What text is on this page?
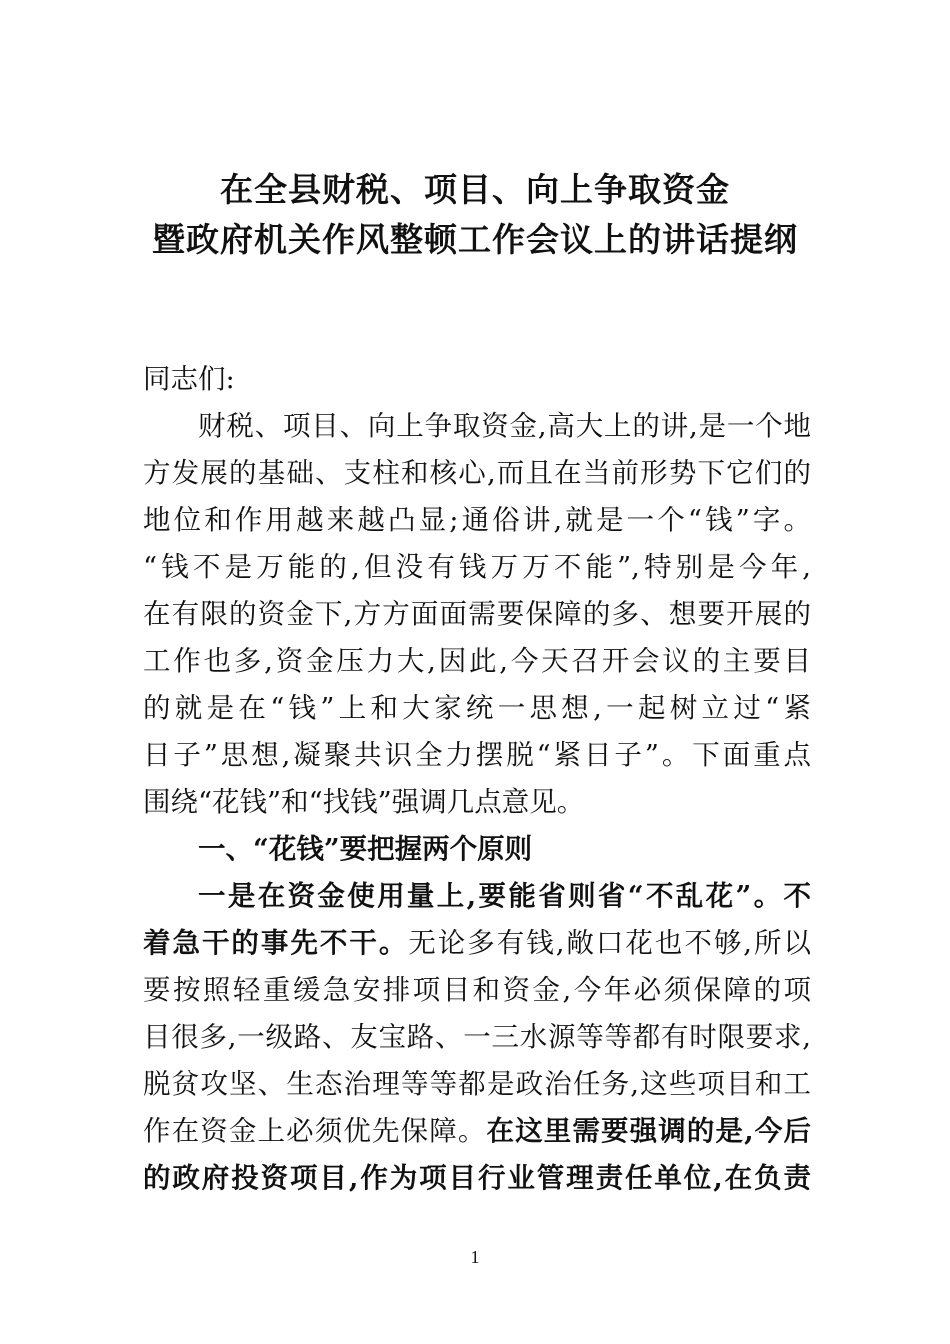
在全县财税、项目、向上争取资金
暨政府机关作风整顿工作会议上的讲话提纲
同志们:
财税、项目、向上争取资金,高大上的讲,是一个地
方发展的基础、支柱和核心,而且在当前形势下它们的
地位和作用越来越凸显;通俗讲,就是一个“钱”字。
“钱不是万能的,但没有钱万万不能”,特别是今年,
在有限的资金下,方方面面需要保障的多、想要开展的
工作也多,资金压力大,因此,今天召开会议的主要目
的就是在“钱”上和大家统一思想,一起树立过“紧
日子”思想,凝聚共识全力摆脱“紧日子”。下面重点
围绕“花钱”和“找钱”强调几点意见。
一、“花钱”要把握两个原则
一是在资金使用量上,要能省则省“不乱花”。不
着急干的事先不干。无论多有钱,敞口花也不够,所以
要按照轻重缓急安排项目和资金,今年必须保障的项
目很多,一级路、友宝路、一三水源等等都有时限要求,
脱贫攻坚、生态治理等等都是政治任务,这些项目和工
作在资金上必须优先保障。在这里需要强调的是,今后
的政府投资项目,作为项目行业管理责任单位,在负责
1
